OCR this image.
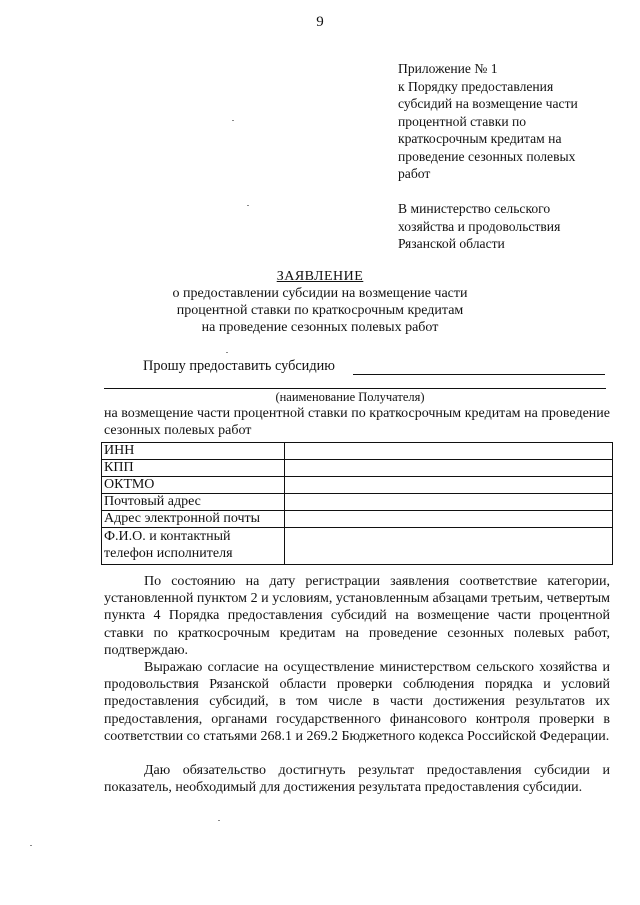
9
Приложение № 1
к Порядку предоставления
субсидий на возмещение части
процентной ставки по
краткосрочным кредитам на
проведение сезонных полевых
работ
В министерство сельского
хозяйства и продовольствия
Рязанской области
ЗАЯВЛЕНИЕ
о предоставлении субсидии на возмещение части
процентной ставки по краткосрочным кредитам
на проведение сезонных полевых работ
Прошу предоставить субсидию
(наименование Получателя)
на возмещение части процентной ставки по краткосрочным кредитам на проведение сезонных полевых работ
ИНН	
КПП	
ОКТМО	
Почтовый адрес	
Адрес электронной почты	
Ф.И.О. и контактный телефон исполнителя	
По состоянию на дату регистрации заявления соответствие категории, установленной пунктом 2 и условиям, установленным абзацами третьим, четвертым пункта 4 Порядка предоставления субсидий на возмещение части процентной ставки по краткосрочным кредитам на проведение сезонных полевых работ, подтверждаю.
Выражаю согласие на осуществление министерством сельского хозяйства и продовольствия Рязанской области проверки соблюдения порядка и условий предоставления субсидий, в том числе в части достижения результатов их предоставления, органами государственного финансового контроля проверки в соответствии со статьями 268.1 и 269.2 Бюджетного кодекса Российской Федерации.
Даю обязательство достигнуть результат предоставления субсидии и показатель, необходимый для достижения результата предоставления субсидии.
